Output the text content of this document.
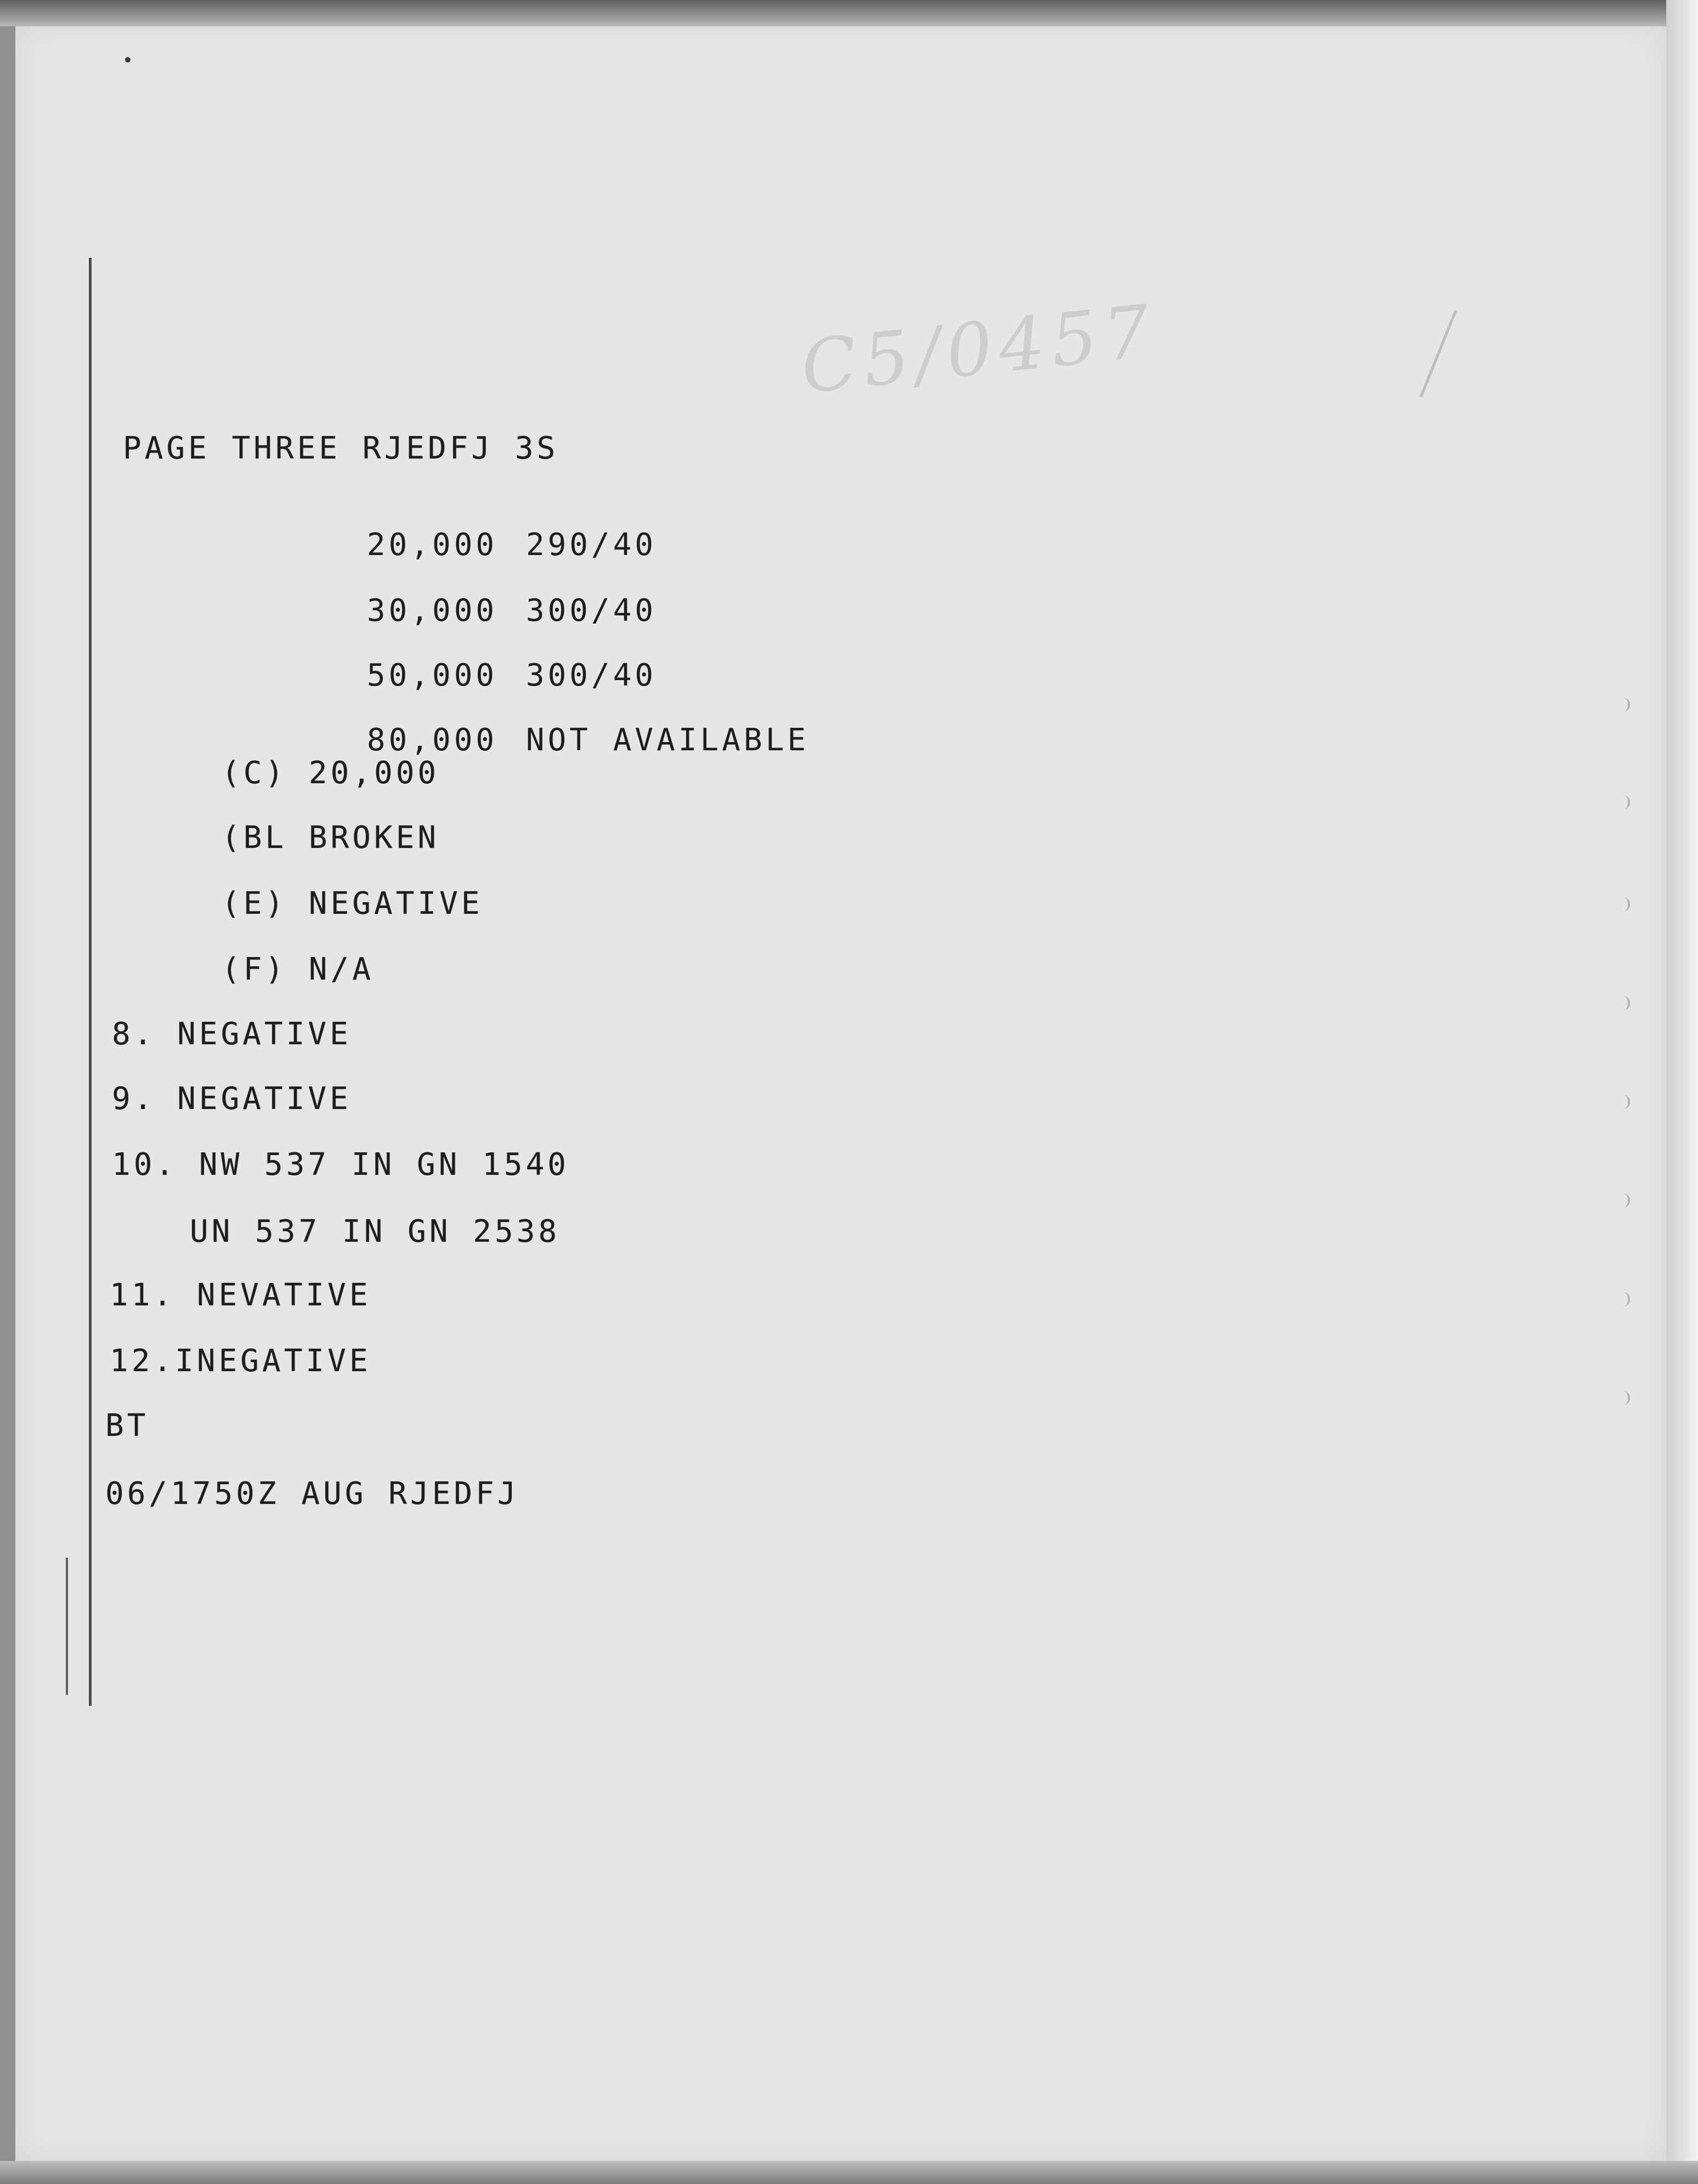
C5/0457
PAGE THREE RJEDFJ 3S

20,000 290/40

30,000 300/40

50,000 300/40

80,000 NOT AVAILABLE

(C) 20,000
(BL BROKEN
(E) NEGATIVE
(F) N/A
8. NEGATIVE
9. NEGATIVE
10. NW 537 IN GN 1540
UN 537 IN GN 2538
11. NEVATIVE
12.INEGATIVE
BT
06/1750Z AUG RJEDFJ
